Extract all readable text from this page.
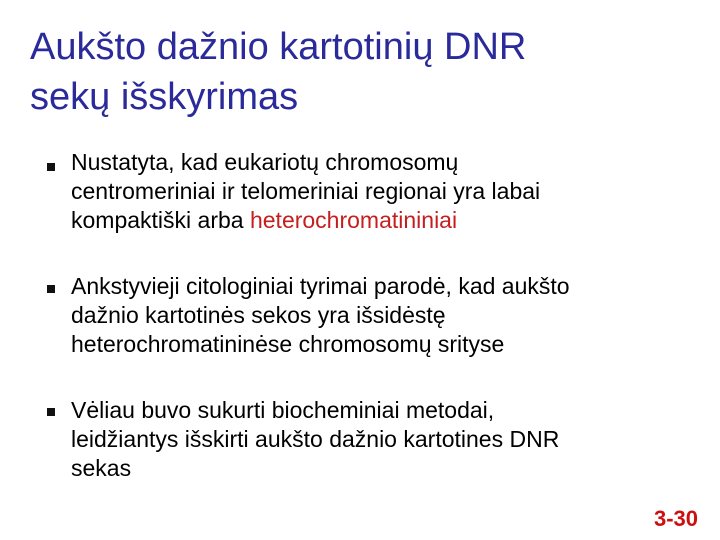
Aukšto dažnio kartotinių DNR
sekų išskyrimas
Nustatyta, kad eukariotų chromosomų
centromeriniai ir telomeriniai regionai yra labai
kompaktiški arba heterochromatininiai
Ankstyvieji citologiniai tyrimai parodė, kad aukšto
dažnio kartotinės sekos yra išsidėstę
heterochromatininėse chromosomų srityse
Vėliau buvo sukurti biocheminiai metodai,
leidžiantys išskirti aukšto dažnio kartotines DNR
sekas
3-30
